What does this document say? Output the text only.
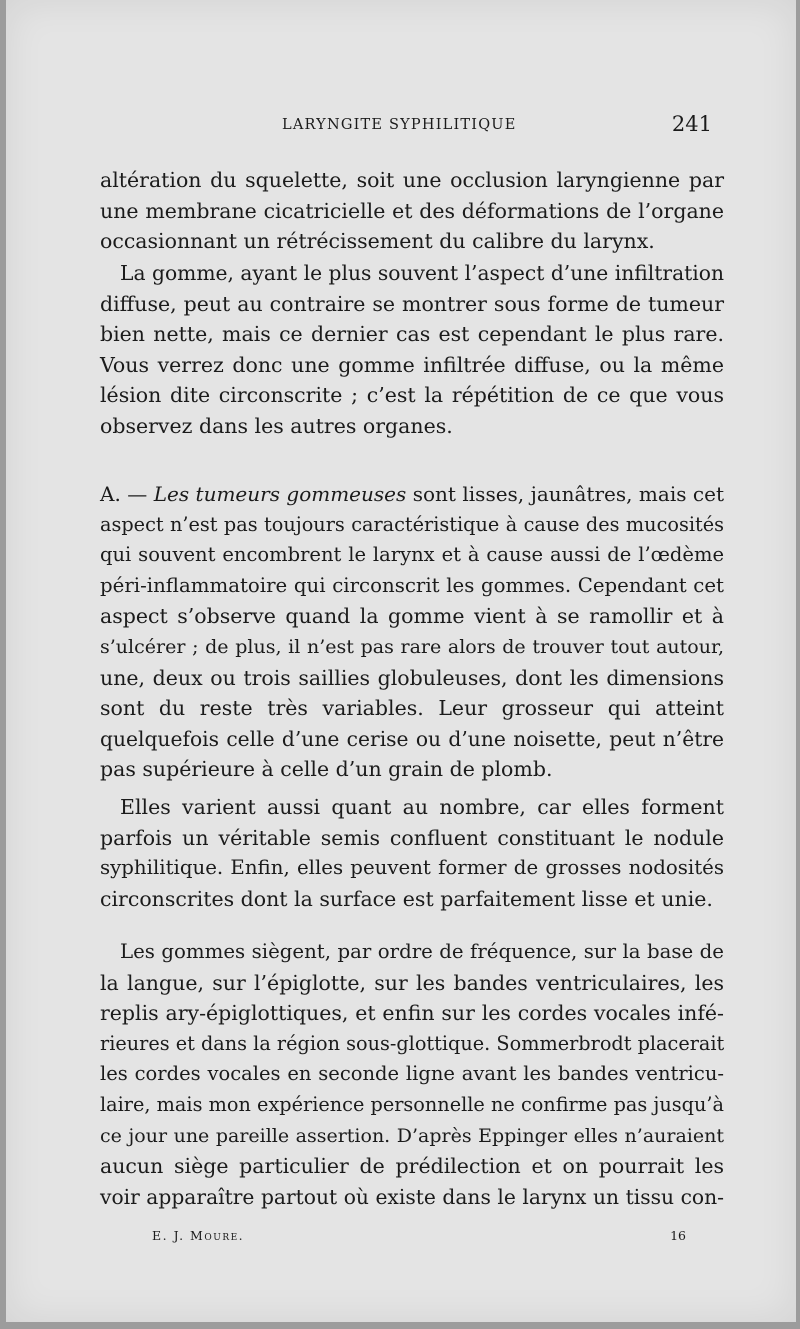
LARYNGITE SYPHILITIQUE	241
altération du squelette, soit une occlusion laryngienne par
une membrane cicatricielle et des déformations de l’organe
occasionnant un rétrécissement du calibre du larynx.
La gomme, ayant le plus souvent l’aspect d’une infiltration
diffuse, peut au contraire se montrer sous forme de tumeur
bien nette, mais ce dernier cas est cependant le plus rare.
Vous verrez donc une gomme infiltrée diffuse, ou la même
lésion dite circonscrite ; c’est la répétition de ce que vous
observez dans les autres organes.
A. — Les tumeurs gommeuses sont lisses, jaunâtres, mais cet
aspect n’est pas toujours caractéristique à cause des mucosités
qui souvent encombrent le larynx et à cause aussi de l’œdème
péri-inflammatoire qui circonscrit les gommes. Cependant cet
aspect s’observe quand la gomme vient à se ramollir et à
s’ulcérer ; de plus, il n’est pas rare alors de trouver tout autour,
une, deux ou trois saillies globuleuses, dont les dimensions
sont du reste très variables. Leur grosseur qui atteint
quelquefois celle d’une cerise ou d’une noisette, peut n’être
pas supérieure à celle d’un grain de plomb.
Elles varient aussi quant au nombre, car elles forment
parfois un véritable semis confluent constituant le nodule
syphilitique. Enfin, elles peuvent former de grosses nodosités
circonscrites dont la surface est parfaitement lisse et unie.
Les gommes siègent, par ordre de fréquence, sur la base de
la langue, sur l’épiglotte, sur les bandes ventriculaires, les
replis ary-épiglottiques, et enfin sur les cordes vocales infé-
rieures et dans la région sous-glottique. Sommerbrodt placerait
les cordes vocales en seconde ligne avant les bandes ventricu-
laire, mais mon expérience personnelle ne confirme pas jusqu’à
ce jour une pareille assertion. D’après Eppinger elles n’auraient
aucun siège particulier de prédilection et on pourrait les
voir apparaître partout où existe dans le larynx un tissu con-
E. J. Moure.	16
